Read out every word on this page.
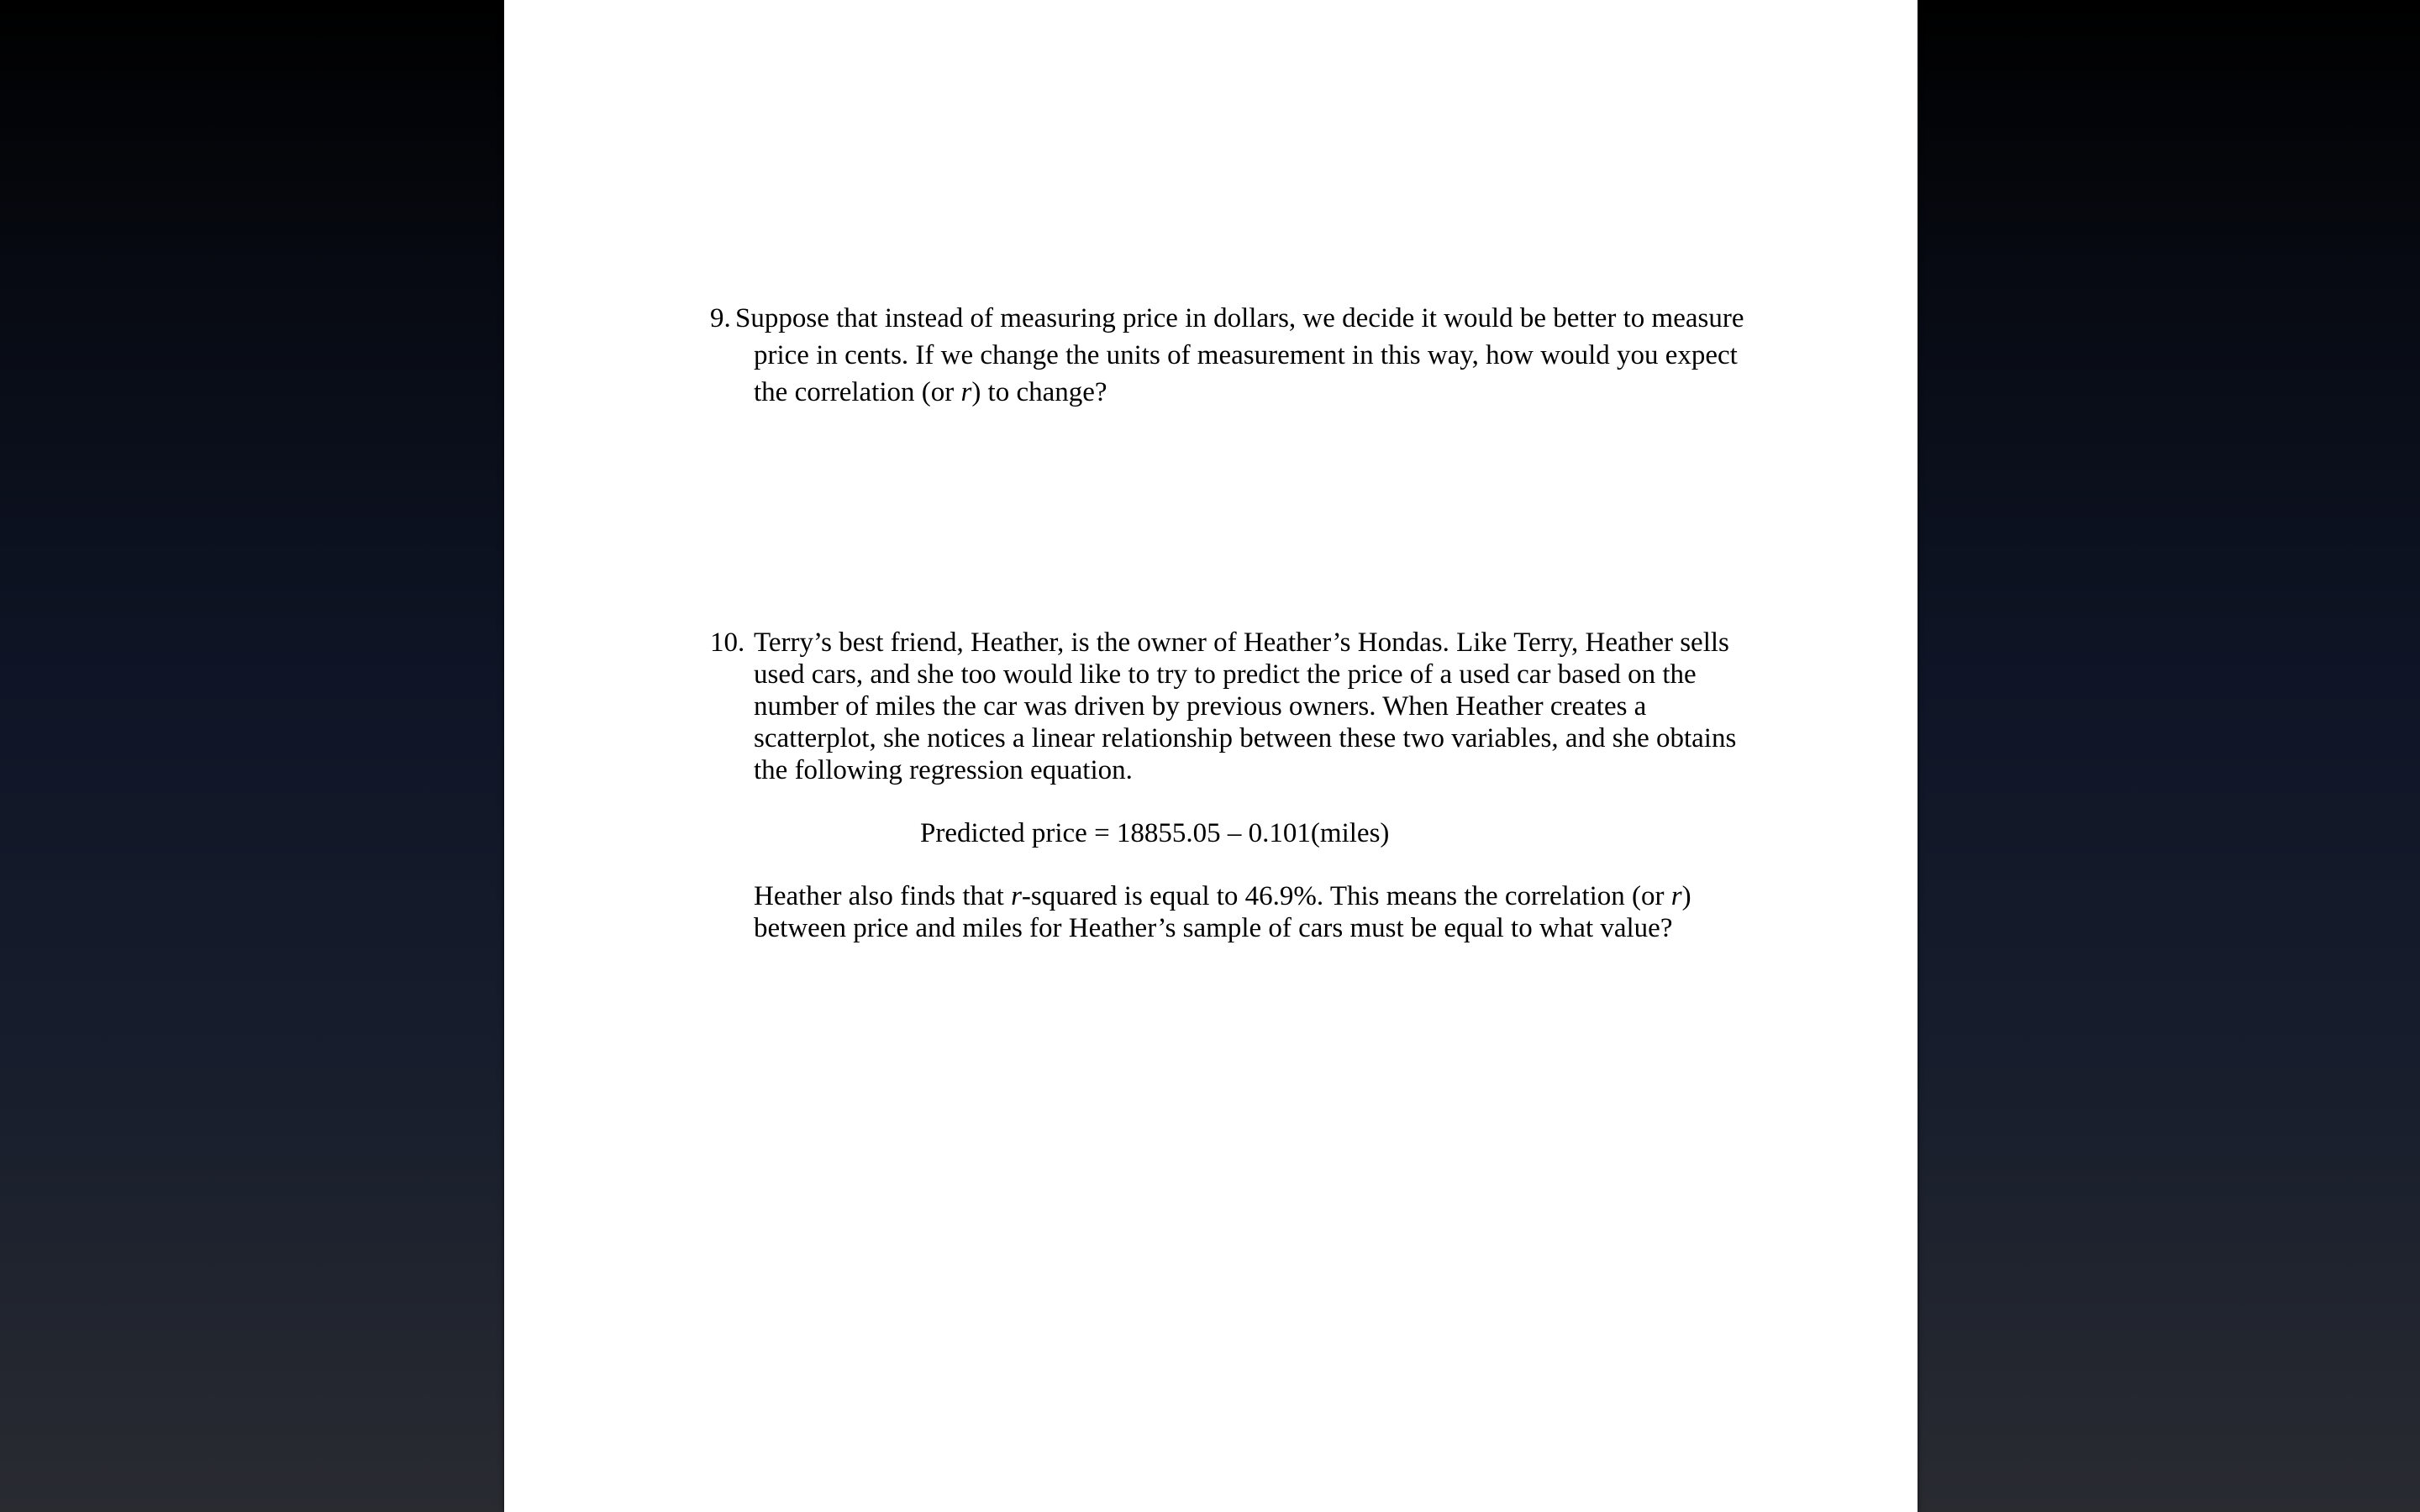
9. Suppose that instead of measuring price in dollars, we decide it would be better to measure price in cents. If we change the units of measurement in this way, how would you expect the correlation (or r) to change?
10. Terry’s best friend, Heather, is the owner of Heather’s Hondas. Like Terry, Heather sells used cars, and she too would like to try to predict the price of a used car based on the number of miles the car was driven by previous owners. When Heather creates a scatterplot, she notices a linear relationship between these two variables, and she obtains the following regression equation.

Predicted price = 18855.05 – 0.101(miles)

Heather also finds that r-squared is equal to 46.9%. This means the correlation (or r) between price and miles for Heather’s sample of cars must be equal to what value?
